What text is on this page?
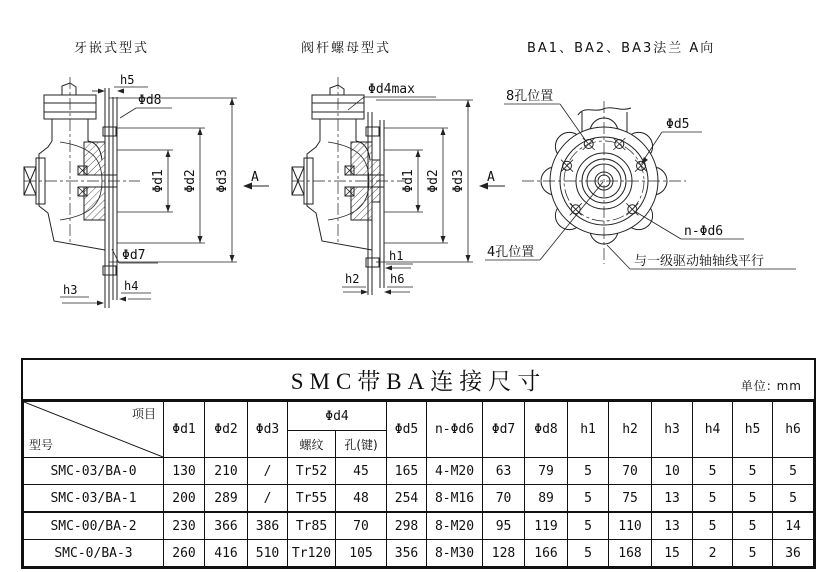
牙嵌式型式
h5
Φd8
Φd1 Φd2 Φd3 A
Φd7
h3	h4
阀杆螺母型式
Φd4max
Φd1 Φd2 Φd3 A
h1
h2	h6
BA1、BA2、BA3法兰 A向
8孔位置
Φd5
n-Φd6
4孔位置
与一级驱动轴轴线平行
SMC带BA连接尺寸	单位: mm
项目
型号	Φd1	Φd2	Φd3	Φd4		Φd5	n-Φd6	Φd7	Φd8	h1	h2	h3	h4	h5	h6
				螺纹	孔(键)										
SMC-03/BA-0	130	210	/	Tr52	45	165	4-M20	63	79	5	70	10	5	5	5
SMC-03/BA-1	200	289	/	Tr55	48	254	8-M16	70	89	5	75	13	5	5	5
SMC-00/BA-2	230	366	386	Tr85	70	298	8-M20	95	119	5	110	13	5	5	14
SMC-0/BA-3	260	416	510	Tr120	105	356	8-M30	128	166	5	168	15	2	5	36
